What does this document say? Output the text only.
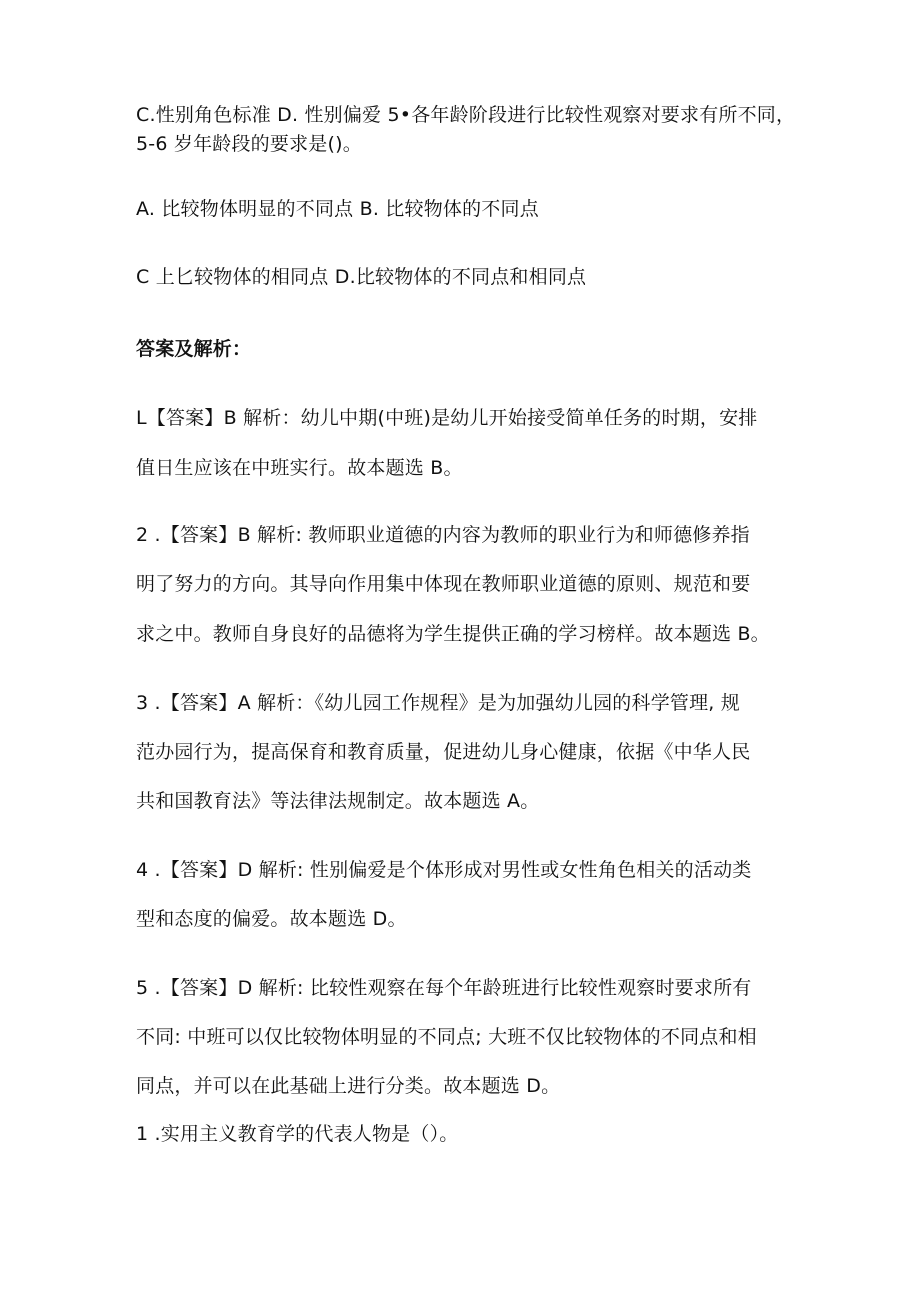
C.性别角色标准 D. 性别偏爱 5•各年龄阶段进行比较性观察对要求有所不同，
5-6 岁年龄段的要求是()。
A. 比较物体明显的不同点 B. 比较物体的不同点
C 上匕较物体的相同点 D.比较物体的不同点和相同点
答案及解析：
L【答案】B 解析：幼儿中期(中班)是幼儿开始接受简单任务的时期，安排
值日生应该在中班实行。故本题选 B。
2 .【答案】B 解析: 教师职业道德的内容为教师的职业行为和师德修养指
明了努力的方向。其导向作用集中体现在教师职业道德的原则、规范和要
求之中。教师自身良好的品德将为学生提供正确的学习榜样。故本题选 B。
3 .【答案】A 解析：《幼儿园工作规程》是为加强幼儿园的科学管理, 规
范办园行为，提高保育和教育质量，促进幼儿身心健康，依据《中华人民
共和国教育法》等法律法规制定。故本题选 A。
4 .【答案】D 解析: 性别偏爱是个体形成对男性或女性角色相关的活动类
型和态度的偏爱。故本题选 D。
5 .【答案】D 解析: 比较性观察在每个年龄班进行比较性观察时要求所有
不同: 中班可以仅比较物体明显的不同点; 大班不仅比较物体的不同点和相
同点，并可以在此基础上进行分类。故本题选 D。
1 .实用主义教育学的代表人物是（）。
